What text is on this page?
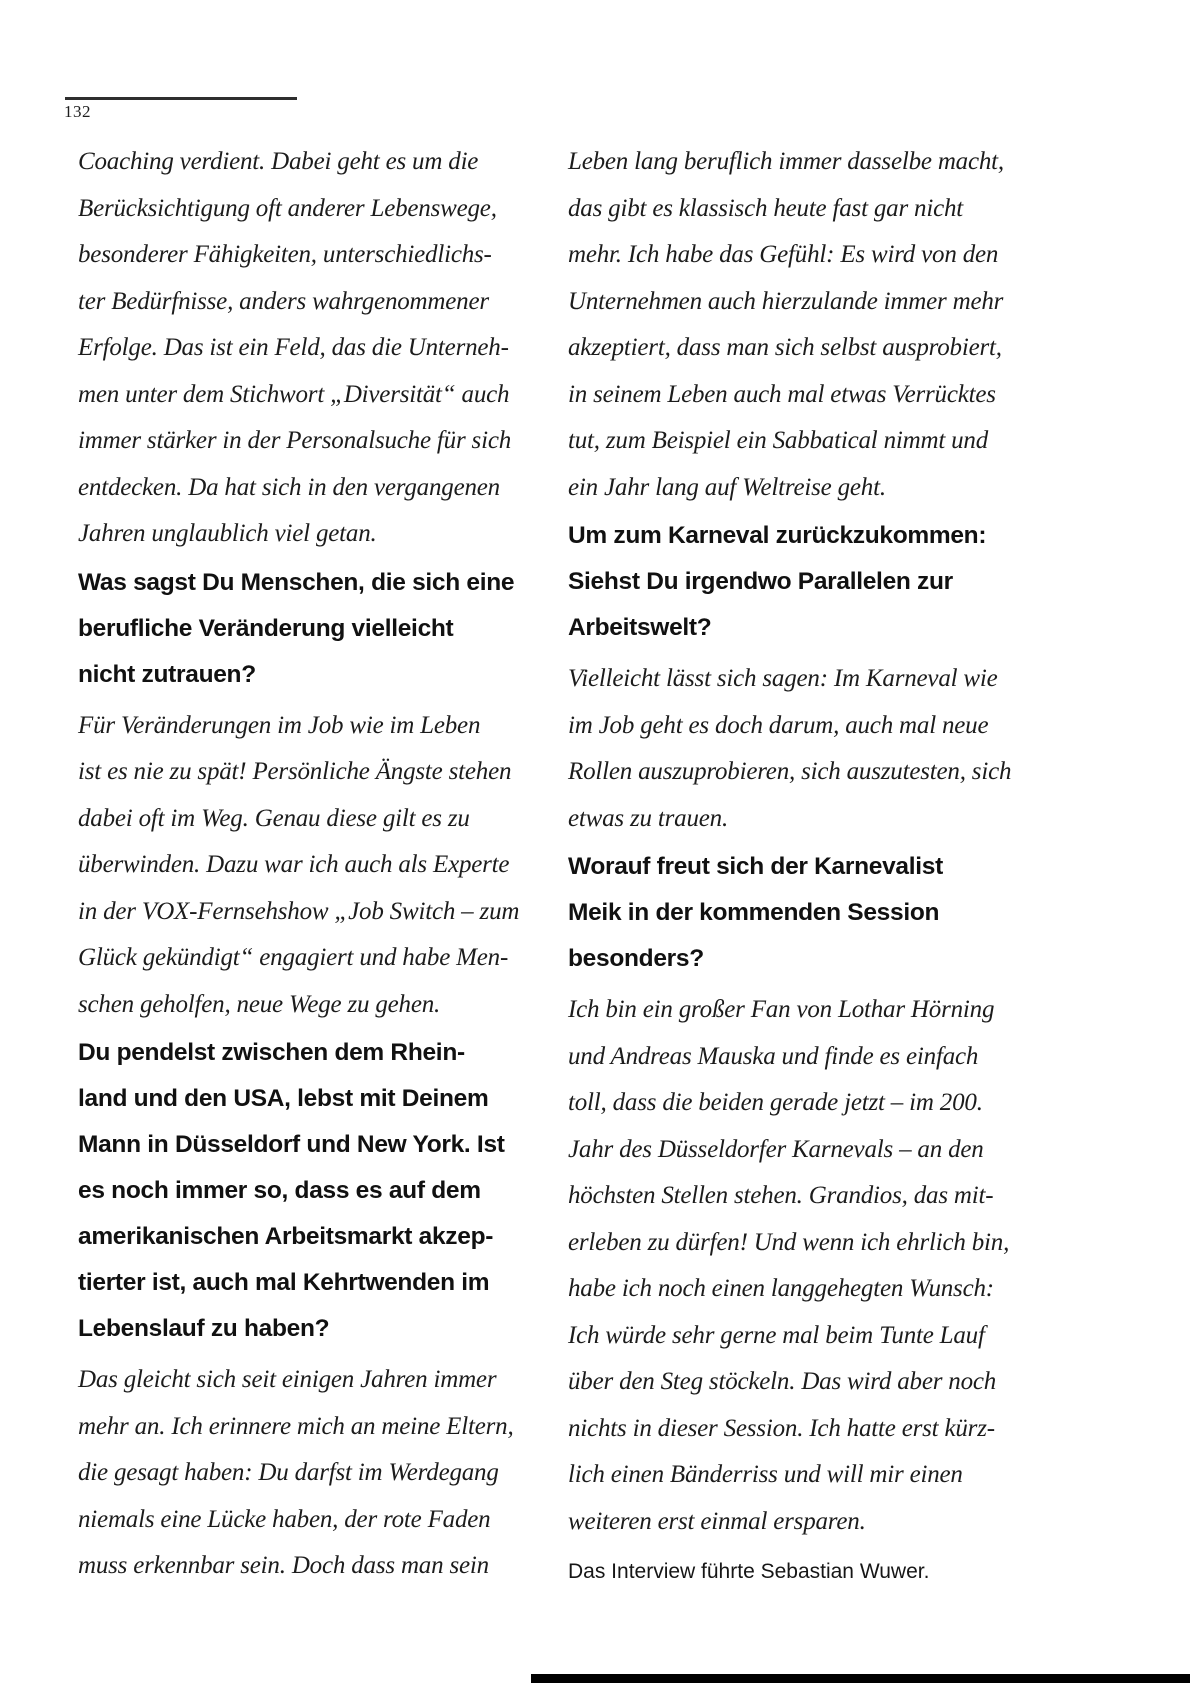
132
Coaching verdient. Dabei geht es um die
Berücksichtigung oft anderer Lebenswege,
besonderer Fähigkeiten, unterschiedlichs-
ter Bedürfnisse, anders wahrgenommener
Erfolge. Das ist ein Feld, das die Unterneh-
men unter dem Stichwort „Diversität“ auch
immer stärker in der Personalsuche für sich
entdecken. Da hat sich in den vergangenen
Jahren unglaublich viel getan.
Was sagst Du Menschen, die sich eine
berufliche Veränderung vielleicht
nicht zutrauen?
Für Veränderungen im Job wie im Leben
ist es nie zu spät! Persönliche Ängste stehen
dabei oft im Weg. Genau diese gilt es zu
überwinden. Dazu war ich auch als Experte
in der VOX-Fernsehshow „Job Switch – zum
Glück gekündigt“ engagiert und habe Men-
schen geholfen, neue Wege zu gehen.
Du pendelst zwischen dem Rhein-
land und den USA, lebst mit Deinem
Mann in Düsseldorf und New York. Ist
es noch immer so, dass es auf dem
amerikanischen Arbeitsmarkt akzep-
tierter ist, auch mal Kehrtwenden im
Lebenslauf zu haben?
Das gleicht sich seit einigen Jahren immer
mehr an. Ich erinnere mich an meine Eltern,
die gesagt haben: Du darfst im Werdegang
niemals eine Lücke haben, der rote Faden
muss erkennbar sein. Doch dass man sein
Leben lang beruflich immer dasselbe macht,
das gibt es klassisch heute fast gar nicht
mehr. Ich habe das Gefühl: Es wird von den
Unternehmen auch hierzulande immer mehr
akzeptiert, dass man sich selbst ausprobiert,
in seinem Leben auch mal etwas Verrücktes
tut, zum Beispiel ein Sabbatical nimmt und
ein Jahr lang auf Weltreise geht.
Um zum Karneval zurückzukommen:
Siehst Du irgendwo Parallelen zur
Arbeitswelt?
Vielleicht lässt sich sagen: Im Karneval wie
im Job geht es doch darum, auch mal neue
Rollen auszuprobieren, sich auszutesten, sich
etwas zu trauen.
Worauf freut sich der Karnevalist
Meik in der kommenden Session
besonders?
Ich bin ein großer Fan von Lothar Hörning
und Andreas Mauska und finde es einfach
toll, dass die beiden gerade jetzt – im 200.
Jahr des Düsseldorfer Karnevals – an den
höchsten Stellen stehen. Grandios, das mit-
erleben zu dürfen! Und wenn ich ehrlich bin,
habe ich noch einen langgehegten Wunsch:
Ich würde sehr gerne mal beim Tunte Lauf
über den Steg stöckeln. Das wird aber noch
nichts in dieser Session. Ich hatte erst kürz-
lich einen Bänderriss und will mir einen
weiteren erst einmal ersparen.
Das Interview führte Sebastian Wuwer.
